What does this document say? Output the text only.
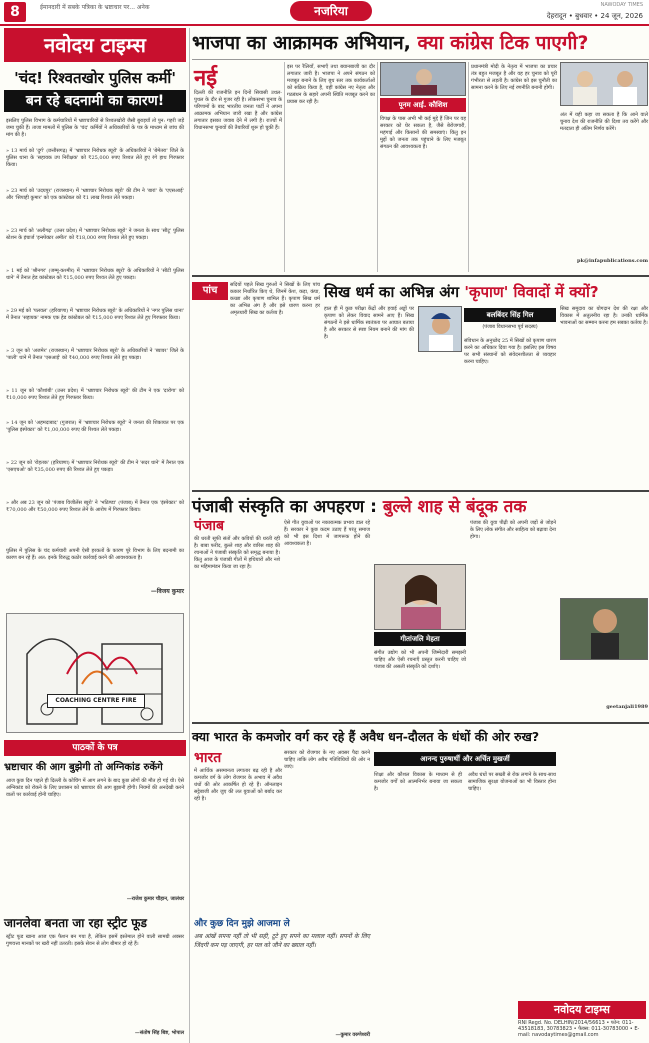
8	ईमानदारी में सबके पत्रिका के भ्रष्टाचार पर... अनेक	नजरिया	NAWODAY TIMES
देहरादून • बुधवार • 24 जून, 2026
नवोदय टाइम्स
'चंद! रिश्वतखोर पुलिस कर्मी'
बन रहे बदनामी का कारण!
इसलिए पुलिस विभाग के कर्मचारियों में भ्रष्टाचारियों से रिश्वतखोरी जैसी बुराइयाँ तो पुन: गहरी जड़ें जमा चुकी हैं। ताजा मामलों में पुलिस के 'चंद' कर्मियों ने अधिकारियों के पत्र के माध्यम से जांच की मांग की है।
» 13 मार्च को 'दुर्ग' (छत्तीसगढ़) में 'भ्रष्टाचार निरोधक ब्यूरो' के अधिकारियों ने 'बेमेतरा' जिले के पुलिस थाना के 'सहायक उप निरीक्षक' को ₹25,000 रुपए रिश्वत लेते हुए रंगे हाथ गिरफ्तार किया।
» 23 मार्च को 'उदयपुर' (राजस्थान) में 'भ्रष्टाचार निरोधक ब्यूरो' की टीम ने 'बारां' के 'एएसआई' और 'सिपाही कुमार' को एक कांस्टेबल को ₹1 लाख रिश्वत लेते पकड़ा।
» 23 मार्च को 'अलीगढ़' (उत्तर प्रदेश) में 'भ्रष्टाचार निरोधक ब्यूरो' ने जनता के साथ 'सीटू' पुलिस स्टेशन के इंचार्ज 'इन्स्पेक्टर अमीत' को ₹18,000 रुपए रिश्वत लेते हुए पकड़ा।
» 1 मई को 'श्रीनगर' (जम्मू-कश्मीर) में 'भ्रष्टाचार निरोधक ब्यूरो' के अधिकारियों ने 'सीटी पुलिस थाने' में तैनात हेड कांस्टेबल को ₹15,000 रुपए रिश्वत लेते हुए पकड़ा।
» 29 मई को 'पलवल' (हरियाणा) में 'भ्रष्टाचार निरोधक ब्यूरो' के अधिकारियों ने 'नगर पुलिस थाना' में तैनात 'सहायक' नामक एक हेड कांस्टेबल को ₹15,000 रुपए रिश्वत लेते हुए गिरफ्तार किया।
» 3 जून को 'अजमेर' (राजस्थान) में 'भ्रष्टाचार निरोधक ब्यूरो' के अधिकारियों ने 'ब्यावर' जिले के 'पाली' थाने में तैनात 'एसआई' को ₹40,000 रुपए रिश्वत लेते हुए पकड़ा।
» 11 जून को 'कौशांबी' (उत्तर प्रदेश) में 'भ्रष्टाचार निरोधक ब्यूरो' की टीम ने एक 'दारोगा' को ₹10,000 रुपए रिश्वत लेते हुए गिरफ्तार किया।
» 14 जून को 'अहमदाबाद' (गुजरात) में 'भ्रष्टाचार निरोधक ब्यूरो' ने जनता की शिकायत पर एक 'पुलिस इंस्पेक्टर' को ₹1,00,000 रुपए की रिश्वत लेते पकड़ा।
» 22 जून को 'रोहतक' (हरियाणा) में 'भ्रष्टाचार निरोधक ब्यूरो' की टीम ने 'सदर थाने' में तैनात एक 'एसएचओ' को ₹35,000 रुपए की रिश्वत लेते हुए पकड़ा।
» और अब 23 जून को 'पंजाब विजीलेंस ब्यूरो' ने 'भठिण्डा' (पंजाब) में तैनात एक 'इंस्पेक्टर' को ₹70,000 और ₹50,000 रुपए रिश्वत लेने के आरोप में गिरफ्तार किया।
पुलिस में पुलिस के चंद कर्मचारी अपनी ऐसी हरकतों के कारण पूरे विभाग के लिए बदनामी का कारण बन रहे हैं। अत: इनके विरुद्ध कठोर कार्रवाई करने की आवश्यकता है।
—विजय कुमार
COACHING CENTRE FIRE
पाठकों के पत्र
भ्रष्टाचार की आग बुझेगी तो अग्निकांड रुकेंगे
आज कुछ दिन पहले ही दिल्ली के कोचिंग में आग लगने के बाद कुछ लोगों की मौत हो गई थी। ऐसे अग्निकांड को रोकने के लिए प्रशासन को भ्रष्टाचार की आग बुझानी होगी। नियमों की अनदेखी करने वालों पर कार्रवाई होनी चाहिए।
—राजेश कुमार चौहान, जालंधर
जानलेवा बनता जा रहा स्ट्रीट फूड
स्ट्रीट फूड खाना आज एक फैशन बन गया है, लेकिन इसमें इस्तेमाल होने वाली सामग्री अक्सर गुणवत्ता मानकों पर खरी नहीं उतरती। इसके सेवन से लोग बीमार हो रहे हैं।
—संतोष सिंह बिष्ट, भोपाल
भाजपा का आक्रामक अभियान, क्या कांग्रेस टिक पाएगी?
नई
दिल्ली की राजनीति इन दिनों सियासी उथल-पुथल के दौर से गुजर रही है। लोकसभा चुनाव के परिणामों के बाद भारतीय जनता पार्टी ने अपना आक्रामक अभियान जारी रखा है और कांग्रेस लगातार इसका जवाब देने में लगी है। राज्यों में विधानसभा चुनावों की तैयारियाँ शुरू हो चुकी हैं।
इस पर रैलियाँ, सभाएँ तथा बयानबाजी का दौर लगातार जारी है। भाजपा ने अपने संगठन को मजबूत बनाने के लिए बूथ स्तर तक कार्यकर्ताओं को सक्रिय किया है, वहीं कांग्रेस नए नेतृत्व और गठबंधन के सहारे अपनी स्थिति मजबूत करने का प्रयास कर रही है।	पूनम आई. कौशिश
विपक्ष के पास अभी भी कई मुद्दे हैं जिन पर वह सरकार को घेर सकता है, जैसे बेरोजगारी, महंगाई और किसानों की समस्याएं। किंतु इन मुद्दों को जनता तक पहुंचाने के लिए मजबूत संगठन की आवश्यकता है।
प्रधानमंत्री मोदी के नेतृत्व में भाजपा का प्रचार तंत्र बहुत मजबूत है और वह हर चुनाव को पूरी गंभीरता से लड़ती है। कांग्रेस को इस चुनौती का सामना करने के लिए नई रणनीति बनानी होगी।
अंत में यही कहा जा सकता है कि आने वाले चुनाव देश की राजनीति की दिशा तय करेंगे और मतदाता ही अंतिम निर्णय करेंगे।
pk@infapublications.com
पांच	सदियों पहले सिख गुरुओं ने सिखों के लिए पांच ककार निर्धारित किए थे, जिनमें केश, कड़ा, कंघा, कच्छा और कृपाण शामिल हैं। कृपाण सिख धर्म का अभिन्न अंग है और इसे धारण करना हर अमृतधारी सिख का कर्तव्य है।
सिख धर्म का अभिन्न अंग 'कृपाण' विवादों में क्यों?
हाल ही में कुछ परीक्षा केंद्रों और हवाई अड्डों पर कृपाण को लेकर विवाद सामने आए हैं। सिख संगठनों ने इसे धार्मिक स्वतंत्रता पर आघात बताया है और सरकार से स्पष्ट नियम बनाने की मांग की है।
बलबिंदर सिंह गिल
(पंजाब विधानसभा पूर्व सदस्य)
संविधान के अनुच्छेद 25 में सिखों को कृपाण धारण करने का अधिकार दिया गया है। इसलिए इस विषय पर सभी संस्थानों को संवेदनशीलता से व्यवहार करना चाहिए।
सिख समुदाय का योगदान देश की रक्षा और विकास में अतुलनीय रहा है। उनकी धार्मिक भावनाओं का सम्मान करना हम सबका कर्तव्य है।
पंजाबी संस्कृति का अपहरण : बुल्ले शाह से बंदूक तक
पंजाब
की धरती सूफी संतों और कवियों की धरती रही है। बाबा फरीद, बुल्ले शाह और वारिस शाह की रचनाओं ने पंजाबी संस्कृति को समृद्ध बनाया है। किंतु आज के पंजाबी गीतों में हथियारों और नशे का महिमामंडन किया जा रहा है।
ऐसे गीत युवाओं पर नकारात्मक प्रभाव डाल रहे हैं। सरकार ने कुछ कदम उठाए हैं परंतु समाज को भी इस दिशा में जागरूक होने की आवश्यकता है।
गीतांजलि मेहता
संगीत उद्योग को भी अपनी जिम्मेदारी समझनी चाहिए और ऐसी रचनाएँ प्रस्तुत करनी चाहिए जो पंजाब की असली संस्कृति को दर्शाएं।
पंजाब की युवा पीढ़ी को अपनी जड़ों से जोड़ने के लिए लोक संगीत और साहित्य को बढ़ावा देना होगा।
geetanjali1989
क्या भारत के कमजोर वर्ग कर रहे हैं अवैध धन-दौलत के धंधों की ओर रुख?
भारत
में आर्थिक असमानता लगातार बढ़ रही है और कमजोर वर्ग के लोग रोजगार के अभाव में अवैध धंधों की ओर आकर्षित हो रहे हैं। ऑनलाइन सट्टेबाजी और जुए की लत युवाओं को बर्बाद कर रही है।
सरकार को रोजगार के नए अवसर पैदा करने चाहिए ताकि लोग अवैध गतिविधियों की ओर न जाएं।
और कुछ दिन मुझे आजमा ले
अब आंखें सपना नहीं तो भी सही, टूटे हुए सपने का मलाल नहीं। सपनों के लिए जिंदगी कम पड़ जाएगी, हर पल को जीने का ख्याल नहीं।
—कुमार वरुणेश्वरी
आनन्द पुरुषार्थी और अर्चित मुखर्जी
शिक्षा और कौशल विकास के माध्यम से ही कमजोर वर्गों को आत्मनिर्भर बनाया जा सकता है।
अवैध धंधों पर सख्ती से रोक लगाने के साथ-साथ सामाजिक सुरक्षा योजनाओं का भी विस्तार होना चाहिए।
नवोदय टाइम्स
RNI Regd. No. DELHIN/2014/56613 • फोन: 011-43518183, 30783823 • फैक्स: 011-30783000 • E-mail: navodaytimes@gmail.com
